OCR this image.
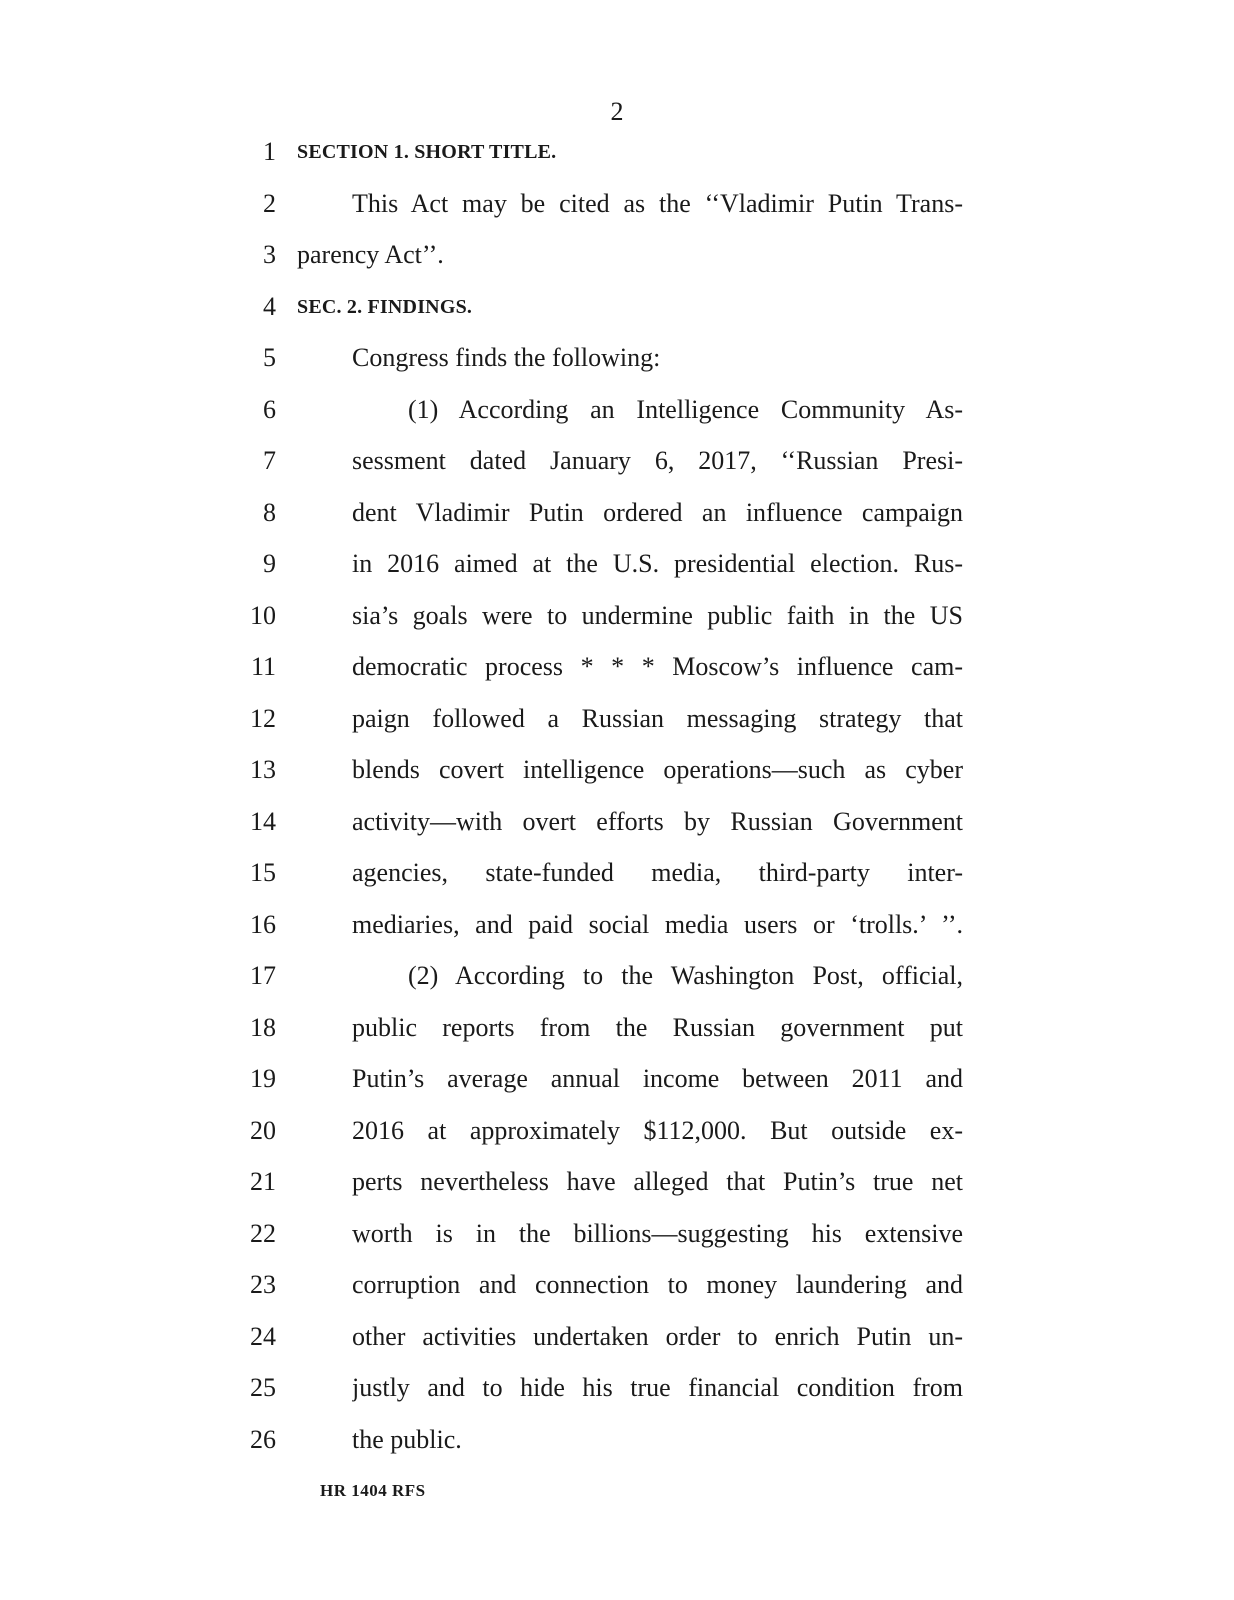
2
1 SECTION 1. SHORT TITLE.
2	This Act may be cited as the ‘‘Vladimir Putin Trans-
3 parency Act’’.
4 SEC. 2. FINDINGS.
5	Congress finds the following:
6	(1) According an Intelligence Community As-
7	sessment dated January 6, 2017, ‘‘Russian Presi-
8	dent Vladimir Putin ordered an influence campaign
9	in 2016 aimed at the U.S. presidential election. Rus-
10	sia’s goals were to undermine public faith in the US
11	democratic process * * * Moscow’s influence cam-
12	paign followed a Russian messaging strategy that
13	blends covert intelligence operations—such as cyber
14	activity—with overt efforts by Russian Government
15	agencies, state-funded media, third-party inter-
16	mediaries, and paid social media users or ‘trolls.’ ’’.
17	(2) According to the Washington Post, official,
18	public reports from the Russian government put
19	Putin’s average annual income between 2011 and
20	2016 at approximately $112,000. But outside ex-
21	perts nevertheless have alleged that Putin’s true net
22	worth is in the billions—suggesting his extensive
23	corruption and connection to money laundering and
24	other activities undertaken order to enrich Putin un-
25	justly and to hide his true financial condition from
26	the public.
HR 1404 RFS
